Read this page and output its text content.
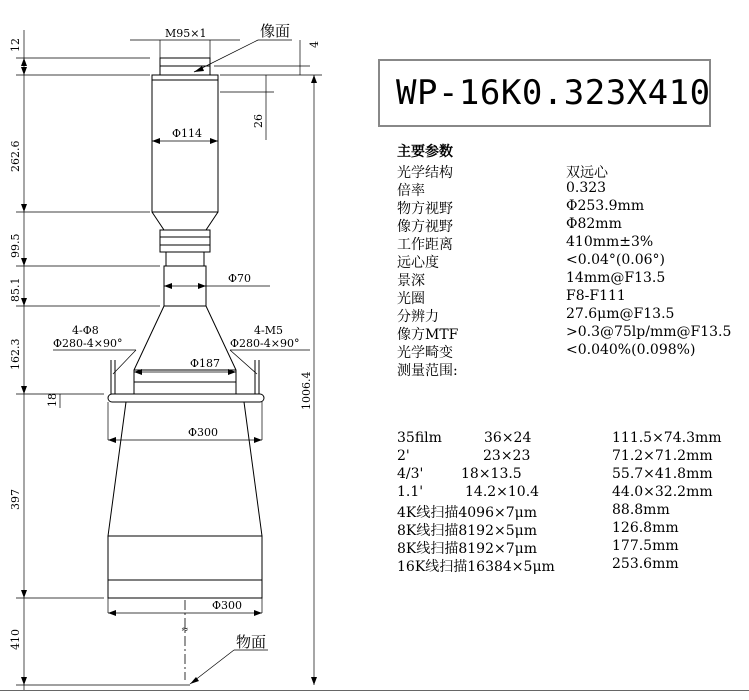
≈
M95×1	像面
Φ114
Φ70
Φ187
Φ300
Φ300
4-Φ8
Φ280-4×90°
4-M5
Φ280-4×90°
物面
4
26
12
262.6
99.5
85.1
162.3
18
397
410
1006.4
WP-16K0.323X410
主要参数
光学结构	双远心
倍率	0.323
物方视野	Φ253.9mm
像方视野	Φ82mm
工作距离	410mm±3%
远心度	<0.04°(0.06°)
景深	14mm@F13.5
光圈	F8-F111
分辨力	27.6μm@F13.5
像方MTF	>0.3@75lp/mm@F13.5
光学畸变	<0.040%(0.098%)
测量范围:
35film	36×24	111.5×74.3mm
2'	23×23	71.2×71.2mm
4/3'	18×13.5	55.7×41.8mm
1.1'	14.2×10.4	44.0×32.2mm
4K线扫描4096×7μm	88.8mm
8K线扫描8192×5μm	126.8mm
8K线扫描8192×7μm	177.5mm
16K线扫描16384×5μm	253.6mm
